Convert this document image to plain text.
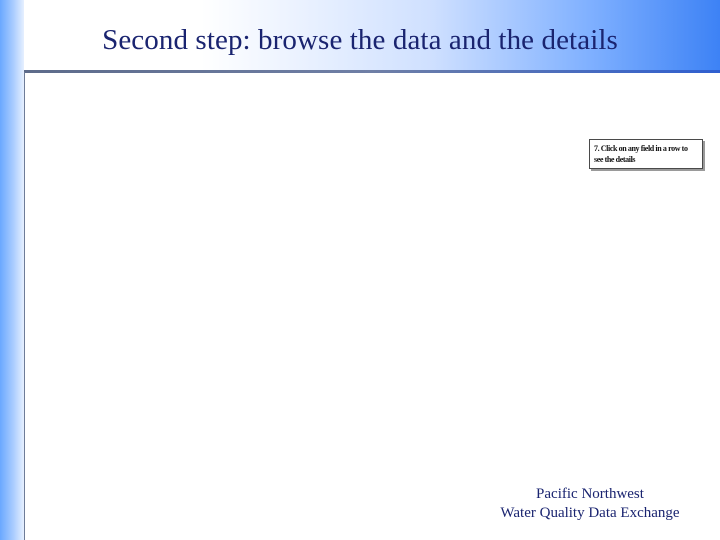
Second step: browse the data and the details
7. Click on any field in a row to see the details
Pacific Northwest
Water Quality Data Exchange
